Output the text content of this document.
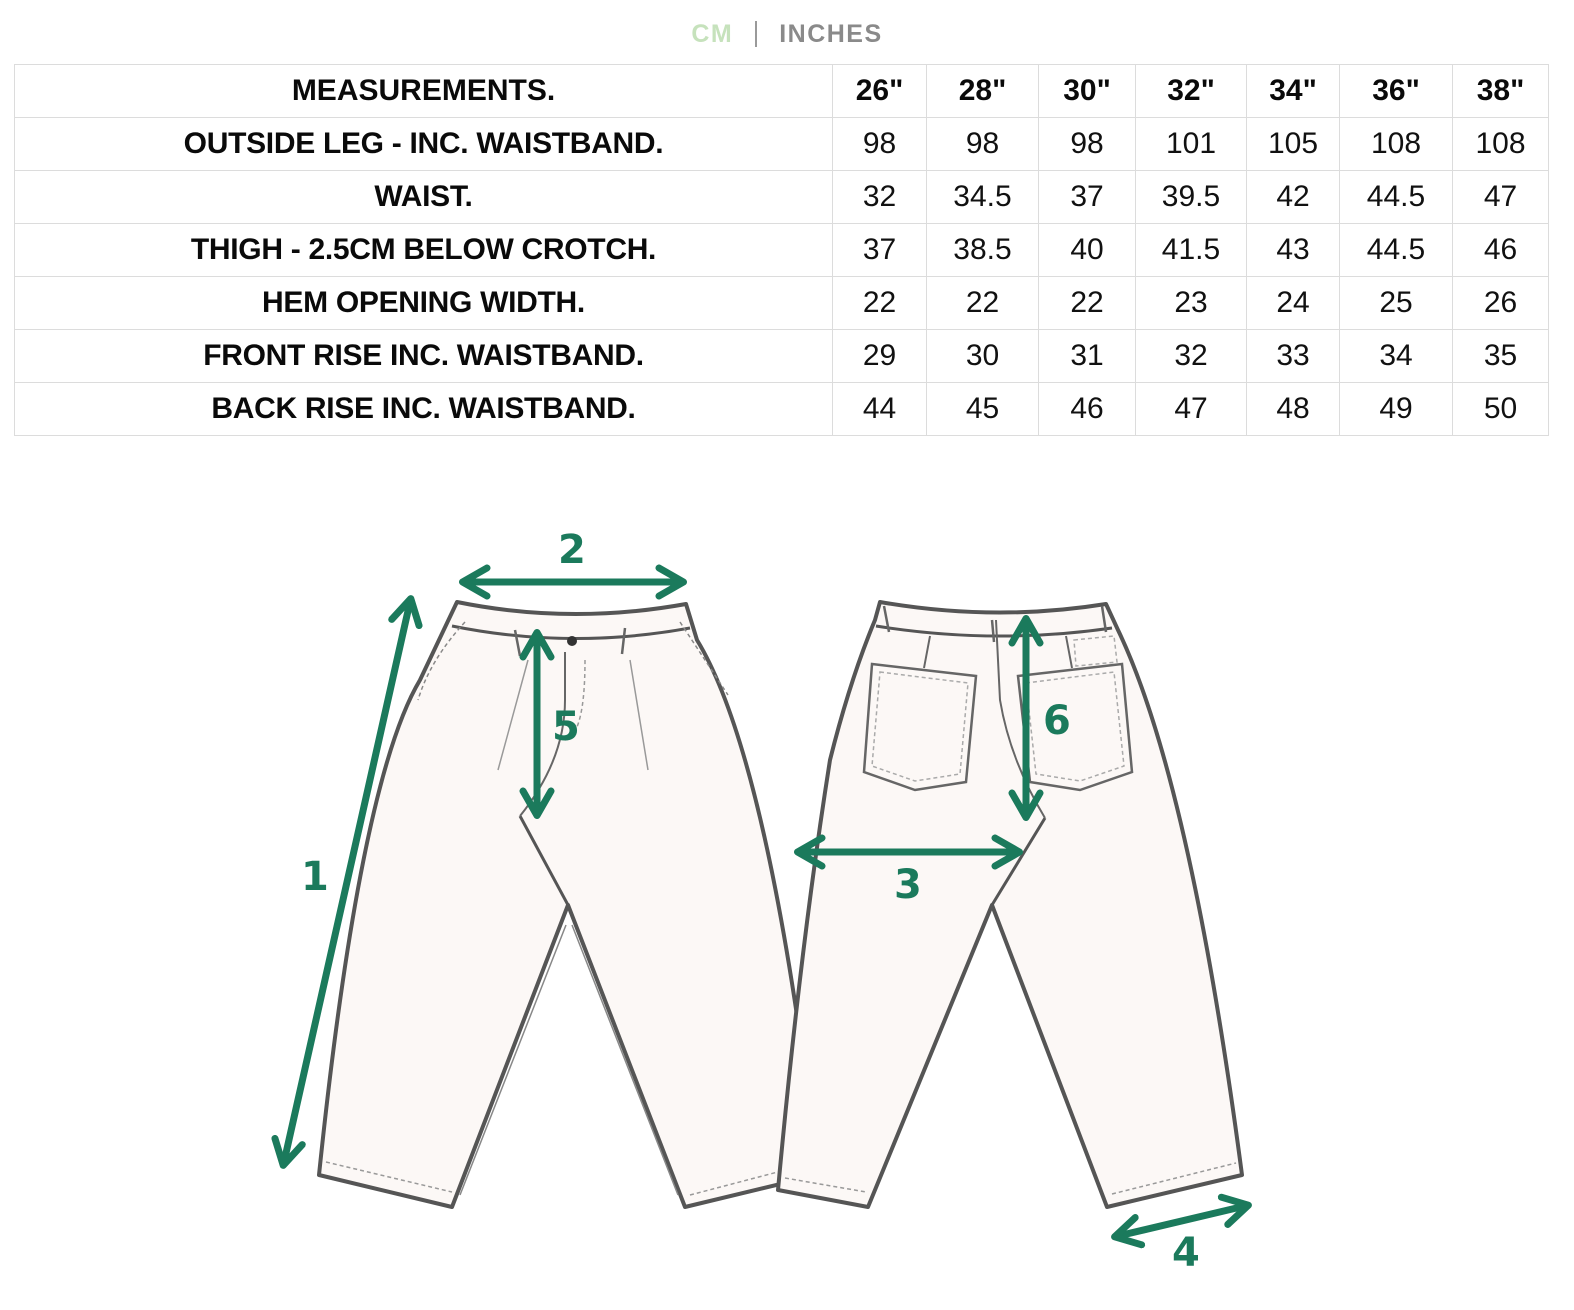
CM INCHES
MEASUREMENTS.	26"	28"	30"	32"	34"	36"	38"
OUTSIDE LEG - INC. WAISTBAND.	98	98	98	101	105	108	108
WAIST.	32	34.5	37	39.5	42	44.5	47
THIGH - 2.5CM BELOW CROTCH.	37	38.5	40	41.5	43	44.5	46
HEM OPENING WIDTH.	22	22	22	23	24	25	26
FRONT RISE INC. WAISTBAND.	29	30	31	32	33	34	35
BACK RISE INC. WAISTBAND.	44	45	46	47	48	49	50
1
2
3
4
5	6
